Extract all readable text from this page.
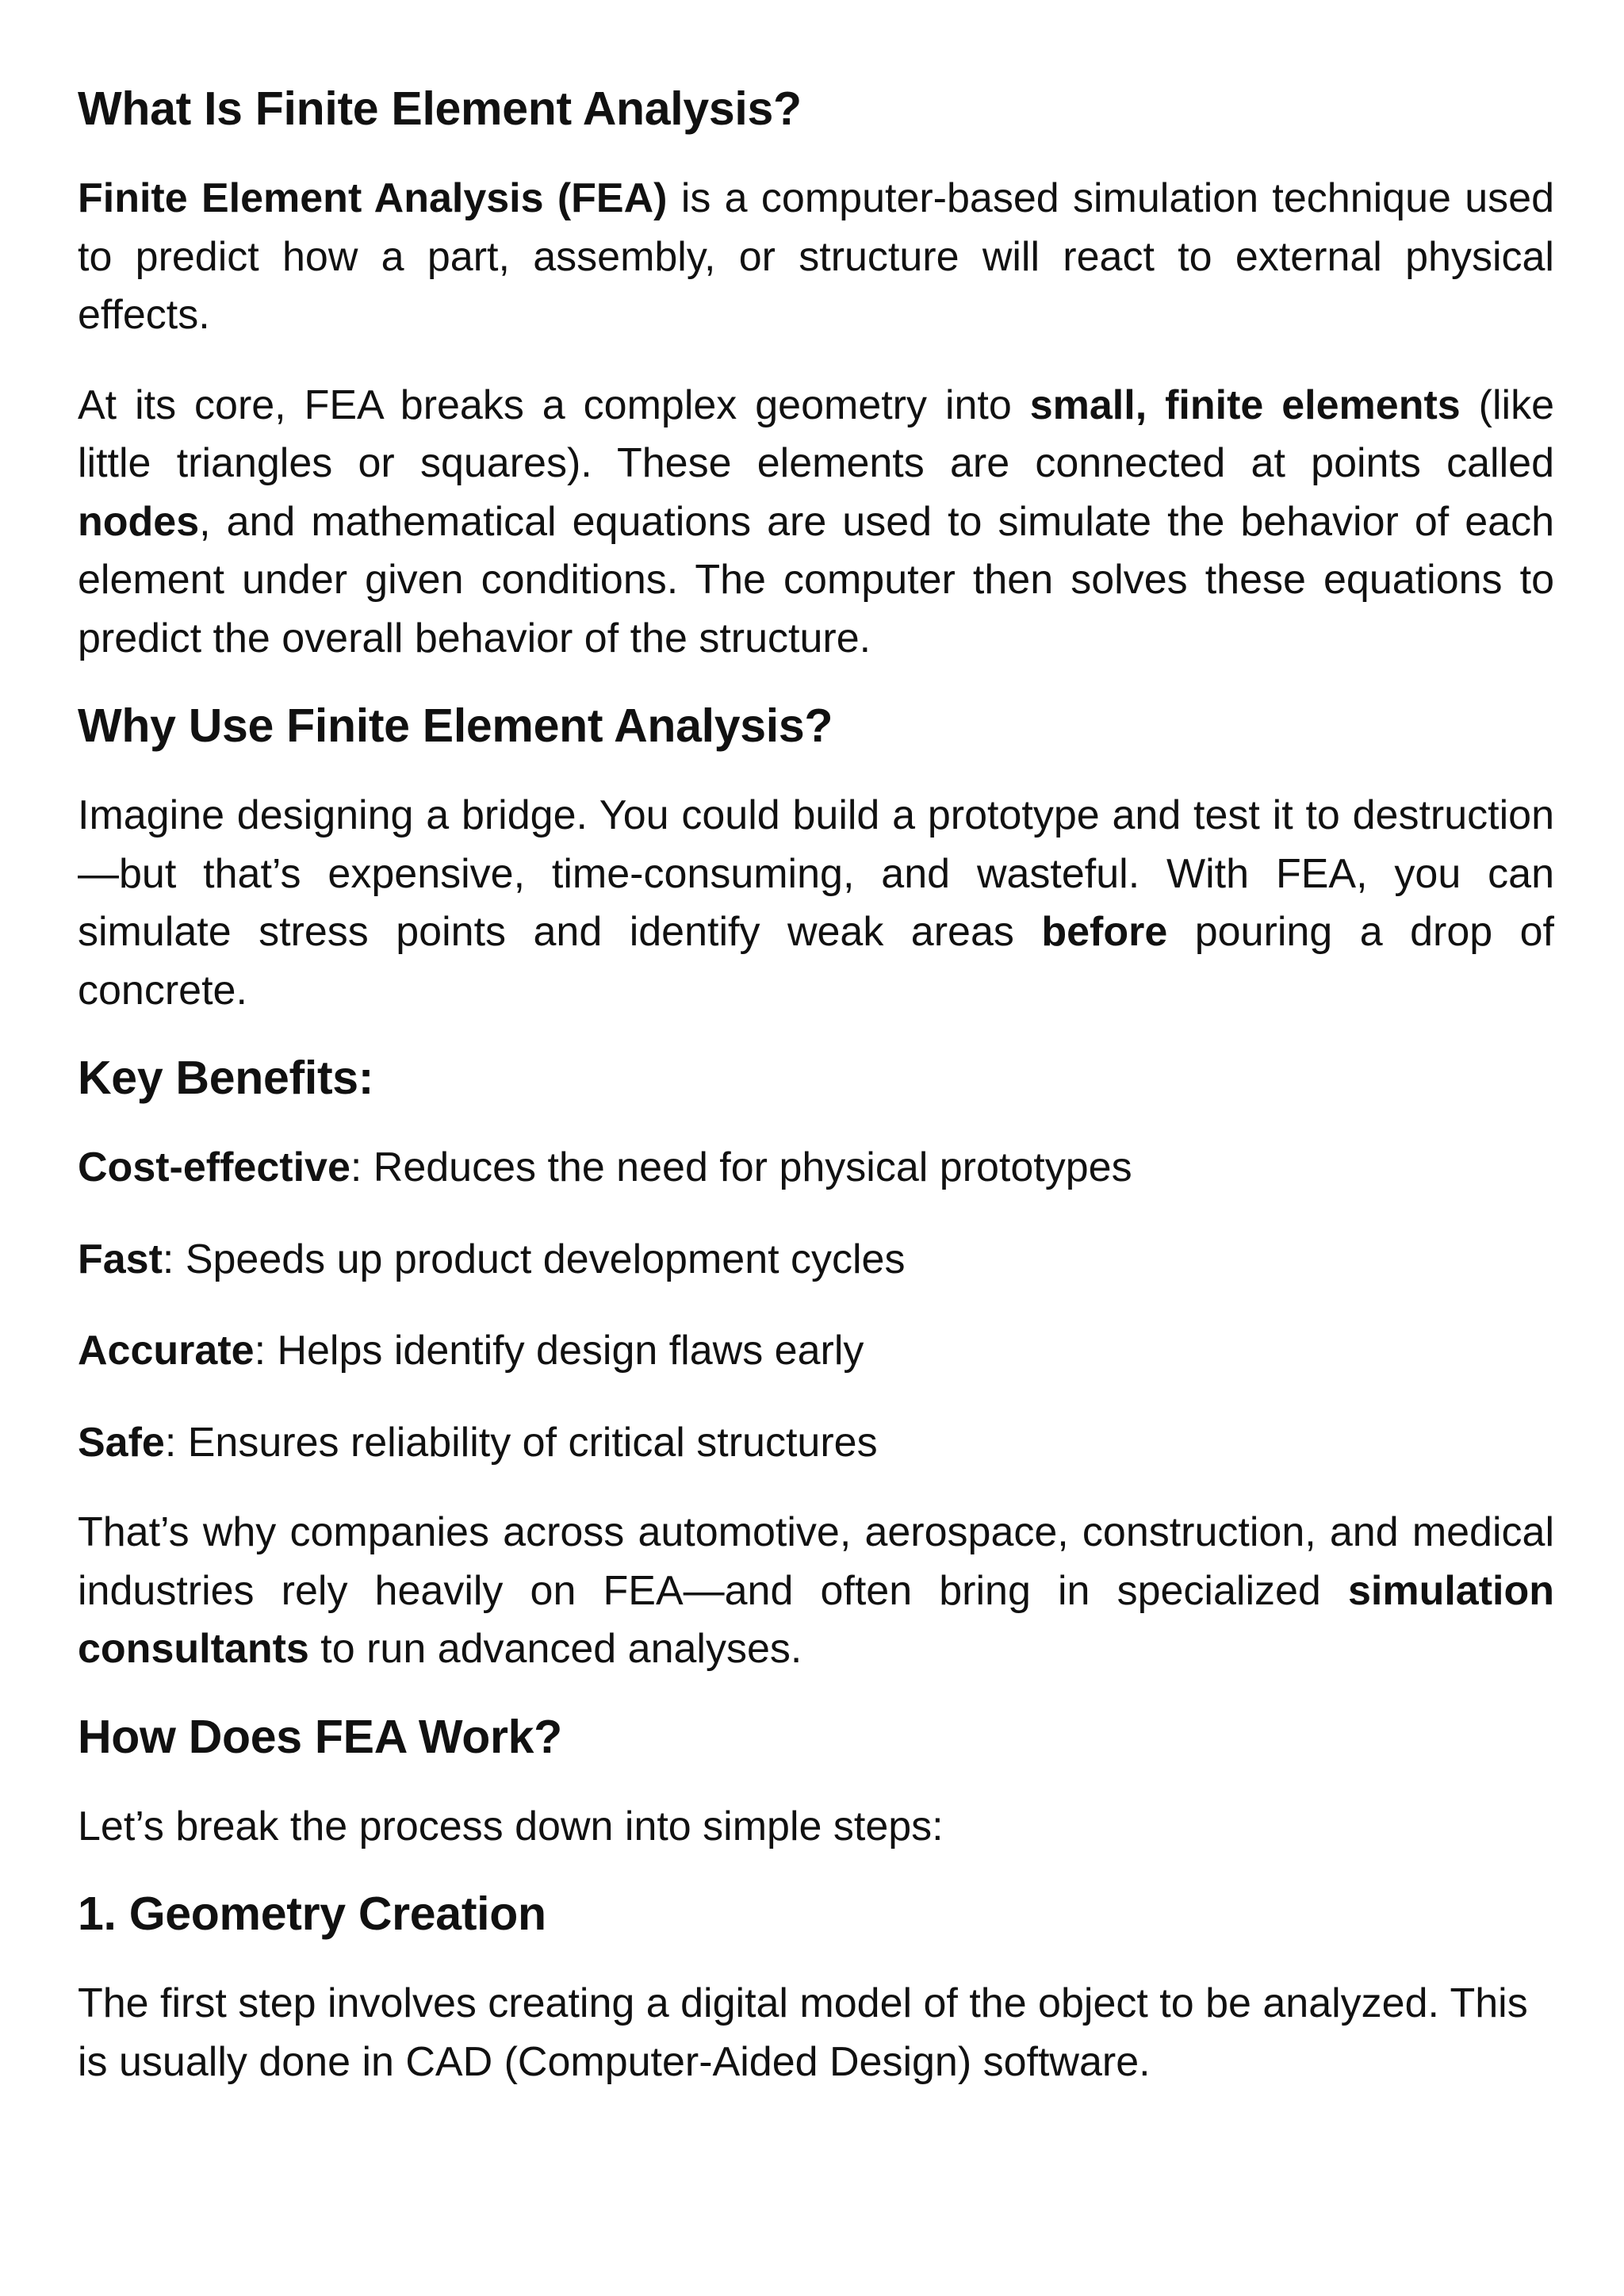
What Is Finite Element Analysis?

Finite Element Analysis (FEA) is a computer-based simulation technique used to predict how a part, assembly, or structure will react to external physical effects.

At its core, FEA breaks a complex geometry into small, finite elements (like little triangles or squares). These elements are connected at points called nodes, and mathematical equations are used to simulate the behavior of each element under given conditions. The computer then solves these equations to predict the overall behavior of the structure.

Why Use Finite Element Analysis?

Imagine designing a bridge. You could build a prototype and test it to destruction—but that’s expensive, time-consuming, and wasteful. With FEA, you can simulate stress points and identify weak areas before pouring a drop of concrete.

Key Benefits:

Cost-effective: Reduces the need for physical prototypes

Fast: Speeds up product development cycles

Accurate: Helps identify design flaws early

Safe: Ensures reliability of critical structures

That’s why companies across automotive, aerospace, construction, and medical industries rely heavily on FEA—and often bring in specialized simulation consultants to run advanced analyses.

How Does FEA Work?

Let’s break the process down into simple steps:

1. Geometry Creation

The first step involves creating a digital model of the object to be analyzed. This is usually done in CAD (Computer-Aided Design) software.
